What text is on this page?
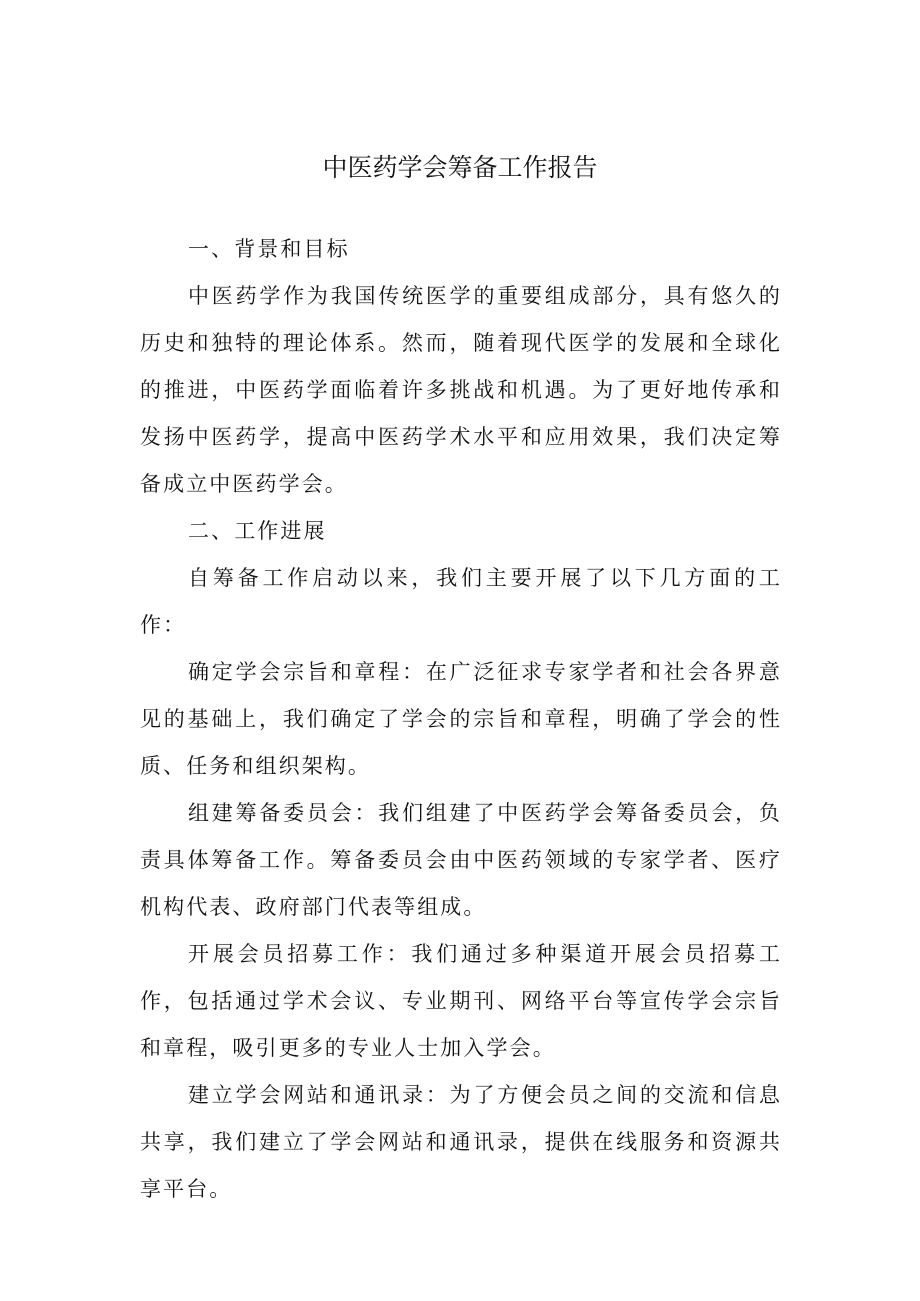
中医药学会筹备工作报告

一、背景和目标

中医药学作为我国传统医学的重要组成部分，具有悠久的历史和独特的理论体系。然而，随着现代医学的发展和全球化的推进，中医药学面临着许多挑战和机遇。为了更好地传承和发扬中医药学，提高中医药学术水平和应用效果，我们决定筹备成立中医药学会。

二、工作进展

自筹备工作启动以来，我们主要开展了以下几方面的工作：

确定学会宗旨和章程：在广泛征求专家学者和社会各界意见的基础上，我们确定了学会的宗旨和章程，明确了学会的性质、任务和组织架构。

组建筹备委员会：我们组建了中医药学会筹备委员会，负责具体筹备工作。筹备委员会由中医药领域的专家学者、医疗机构代表、政府部门代表等组成。

开展会员招募工作：我们通过多种渠道开展会员招募工作，包括通过学术会议、专业期刊、网络平台等宣传学会宗旨和章程，吸引更多的专业人士加入学会。

建立学会网站和通讯录：为了方便会员之间的交流和信息共享，我们建立了学会网站和通讯录，提供在线服务和资源共享平台。
